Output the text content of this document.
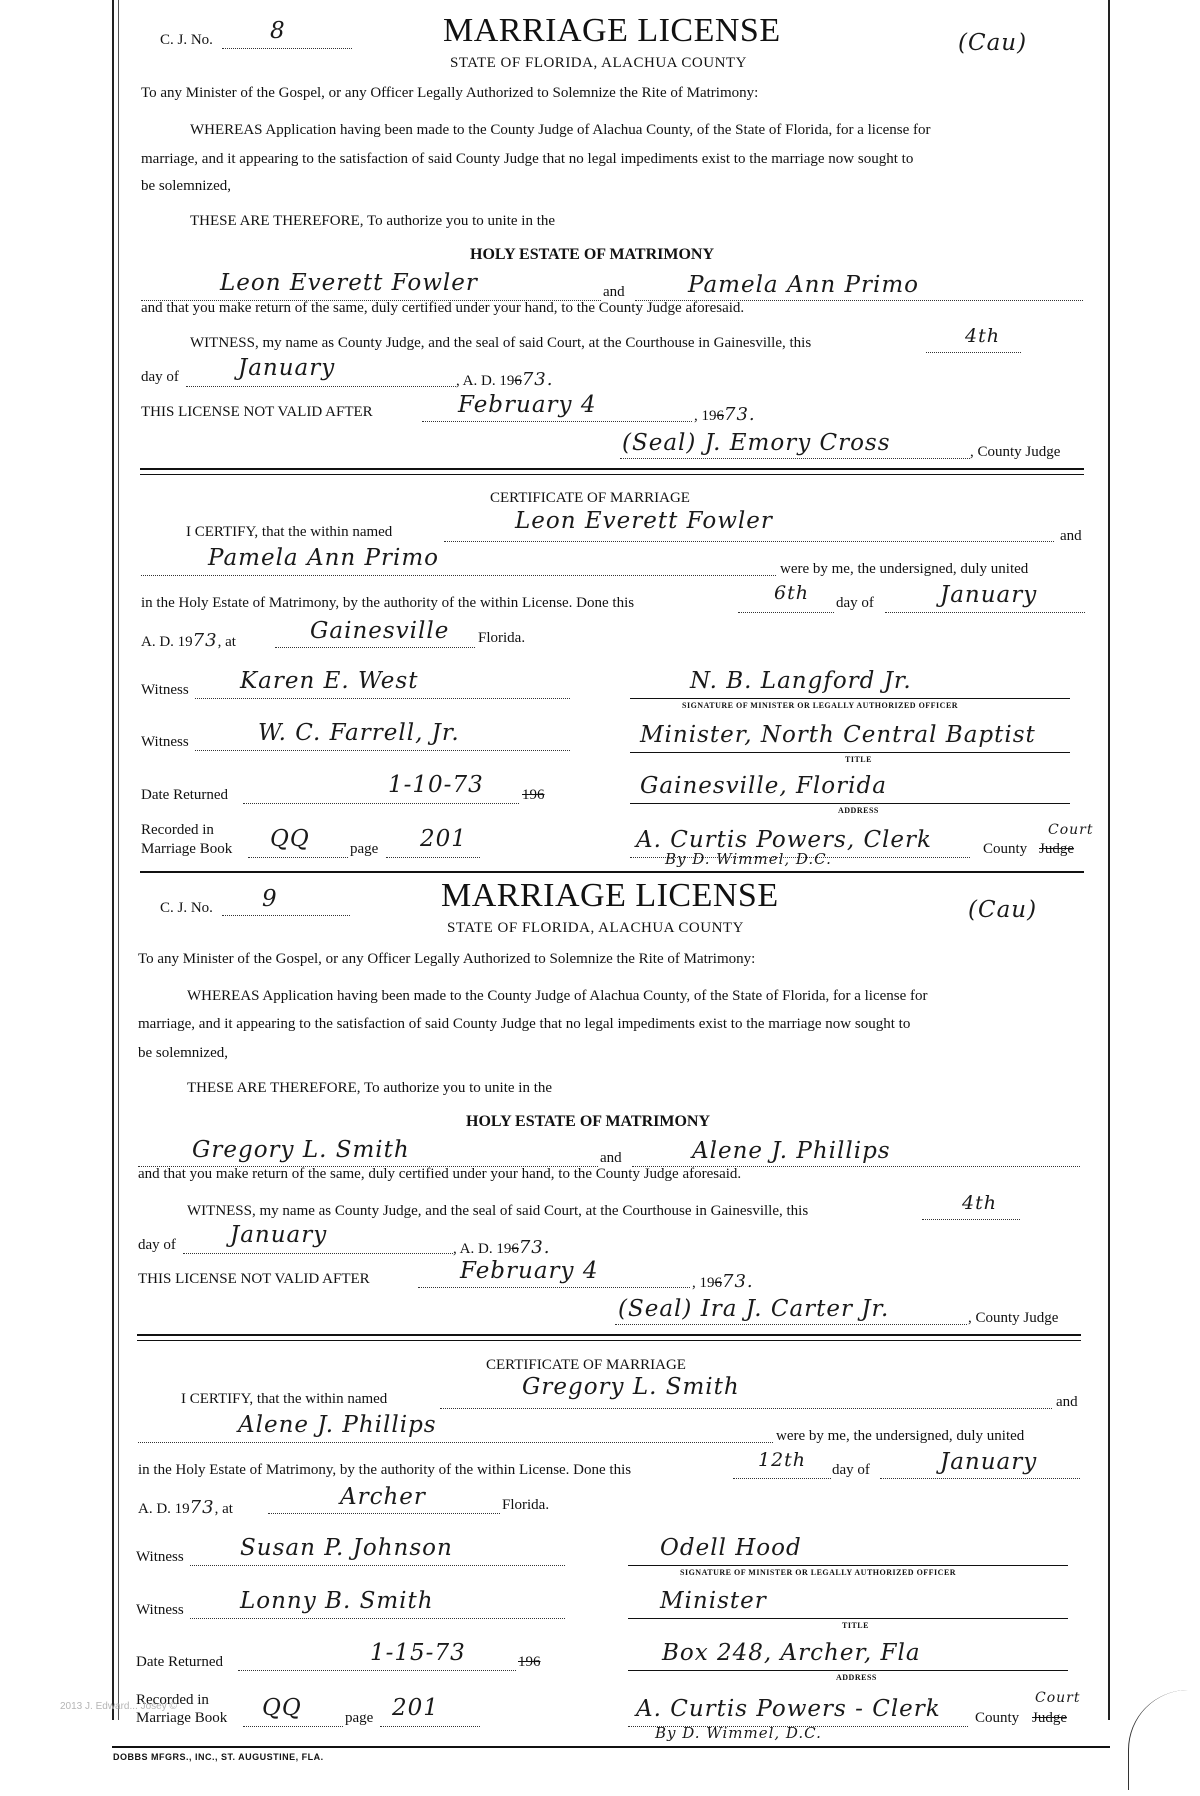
C. J. No. 8	MARRIAGE LICENSE
STATE OF FLORIDA, ALACHUA COUNTY
(Cau)
To any Minister of the Gospel, or any Officer Legally Authorized to Solemnize the Rite of Matrimony:
WHEREAS Application having been made to the County Judge of Alachua County, of the State of Florida, for a license for
marriage, and it appearing to the satisfaction of said County Judge that no legal impediments exist to the marriage now sought to
be solemnized,
THESE ARE THEREFORE, To authorize you to unite in the
HOLY ESTATE OF MATRIMONY
Leon Everett Fowler	and	Pamela Ann Primo
and that you make return of the same, duly certified under your hand, to the County Judge aforesaid.
WITNESS, my name as County Judge, and the seal of said Court, at the Courthouse in Gainesville, this	4th
day of	January	, A. D. 19673.
THIS LICENSE NOT VALID AFTER	February 4	, 19673.
(Seal) J. Emory Cross	, County Judge
CERTIFICATE OF MARRIAGE
I CERTIFY, that the within named	Leon Everett Fowler
and
Pamela Ann Primo	were by me, the undersigned, duly united
in the Holy Estate of Matrimony, by the authority of the within License. Done this	6th day of	January
A. D. 1973, at	Gainesville Florida.
Witness Karen E. West	N. B. Langford Jr.
SIGNATURE OF MINISTER OR LEGALLY AUTHORIZED OFFICER
Witness	W. C. Farrell, Jr.	Minister, North Central Baptist
TITLE
Date Returned	1-10-73	196	Gainesville, Florida
ADDRESS
Recorded in
Marriage Book QQ	page 201	A. Curtis Powers, Clerk
By D. Wimmel, D.C.
County Judge
Court
C. J. No. 9	MARRIAGE LICENSE
STATE OF FLORIDA, ALACHUA COUNTY
(Cau)
To any Minister of the Gospel, or any Officer Legally Authorized to Solemnize the Rite of Matrimony:
WHEREAS Application having been made to the County Judge of Alachua County, of the State of Florida, for a license for
marriage, and it appearing to the satisfaction of said County Judge that no legal impediments exist to the marriage now sought to
be solemnized,
THESE ARE THEREFORE, To authorize you to unite in the
HOLY ESTATE OF MATRIMONY
Gregory L. Smith	and	Alene J. Phillips
and that you make return of the same, duly certified under your hand, to the County Judge aforesaid.
WITNESS, my name as County Judge, and the seal of said Court, at the Courthouse in Gainesville, this	4th
day of January
, A. D. 19673.
THIS LICENSE NOT VALID AFTER	February 4	, 19673.
(Seal) Ira J. Carter Jr.	, County Judge
CERTIFICATE OF MARRIAGE
I CERTIFY, that the within named	Gregory L. Smith
and
Alene J. Phillips	were by me, the undersigned, duly united
in the Holy Estate of Matrimony, by the authority of the within License. Done this	12th day of	January
A. D. 1973, at	Archer	Florida.
Witness Susan P. Johnson	Odell Hood
SIGNATURE OF MINISTER OR LEGALLY AUTHORIZED OFFICER
Witness Lonny B. Smith	Minister
TITLE
Date Returned	1-15-73	196	Box 248, Archer, Fla
ADDRESS
Recorded in
Marriage Book QQ	page 201	A. Curtis Powers - Clerk
By D. Wimmel, D.C.
County Judge
Court
DOBBS MFGRS., INC., ST. AUGUSTINE, FLA.
2013 J. Edward... Josey ©
